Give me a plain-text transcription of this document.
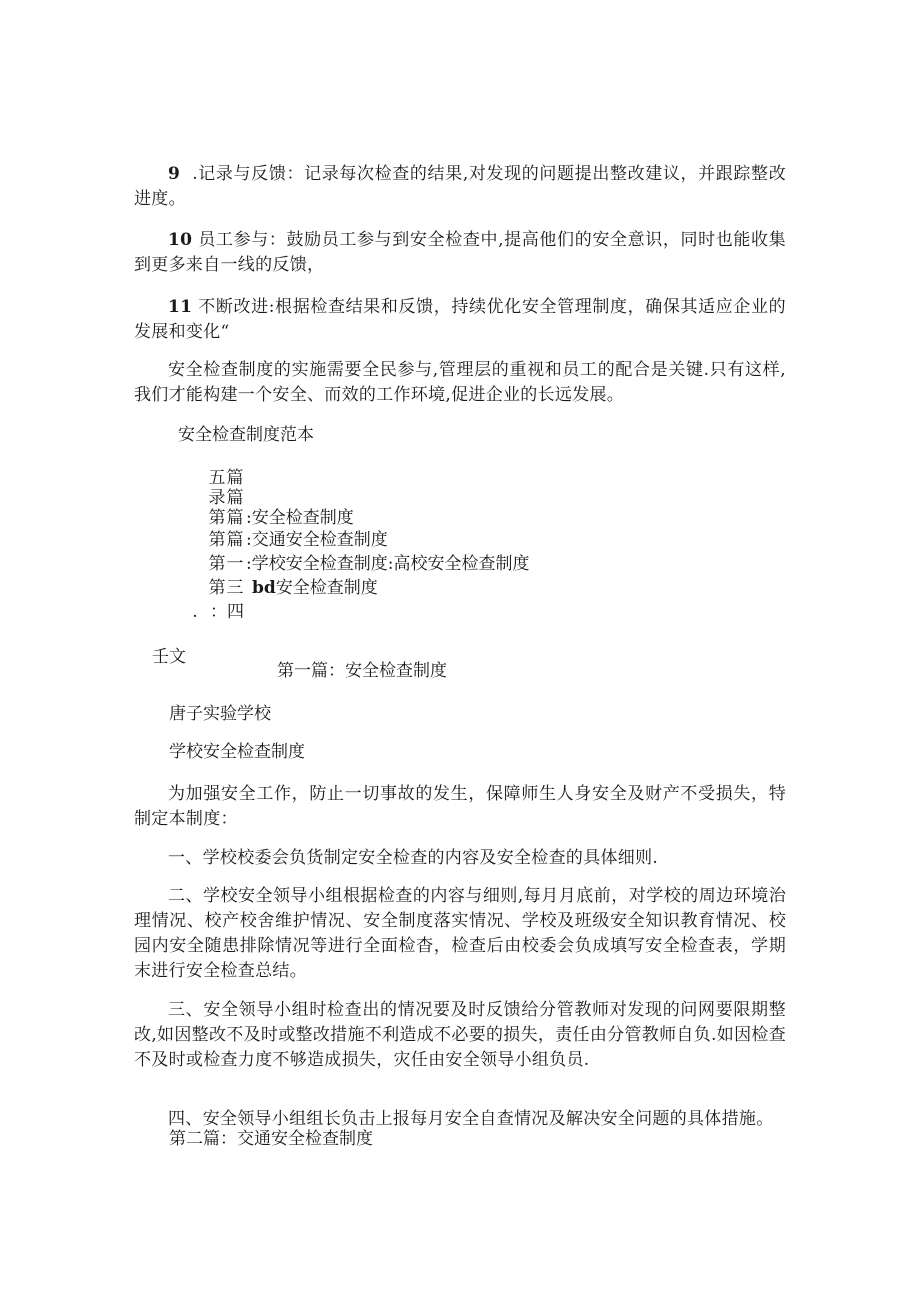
9 .记录与反馈：记录每次检查的结果,对发现的问题提出整改建议，并跟踪整改进度。

10 员工参与：鼓励员工参与到安全检查中,提高他们的安全意识，同时也能收集到更多来自一线的反馈，

11 不断改进:根据检查结果和反馈，持续优化安全管理制度，确保其适应企业的发展和变化“

安全检查制度的实施需要全民参与,管理层的重视和员工的配合是关键.只有这样,我们才能构建一个安全、而效的工作环境,促进企业的长远发展。

安全检查制度范本

五篇
录篇
第篇 :安全检查制度
第篇 :交通安全检查制度
第一 :学校安全检查制度:高校安全检查制度
第三 bd安全检查制度
. ：四

壬文

第一篇：安全检查制度

唐子实验学校

学校安全检查制度

为加强安全工作，防止一切事故的发生，保障师生人身安全及财产不受损失，特制定本制度：

一、学校校委会负货制定安全检查的内容及安全检查的具体细则.

二、学校安全领导小组根据检查的内容与细则,每月月底前，对学校的周边环境治理情况、校产校舍维护情况、安全制度落实情况、学校及班级安全知识教育情况、校园内安全随患排除情况等进行全面检杳，检查后由校委会负成填写安全检查表，学期末进行安全检查总结。

三、安全领导小组时检查出的情况要及时反馈给分管教师对发现的问网要限期整改,如因整改不及时或整改措施不利造成不必要的损失，责任由分管教师自负.如因检查不及时或检查力度不够造成损失，灾任由安全领导小组负员.

四、安全领导小组组长负击上报每月安全自查情况及解决安全问题的具体措施。

第二篇：交通安全检查制度
